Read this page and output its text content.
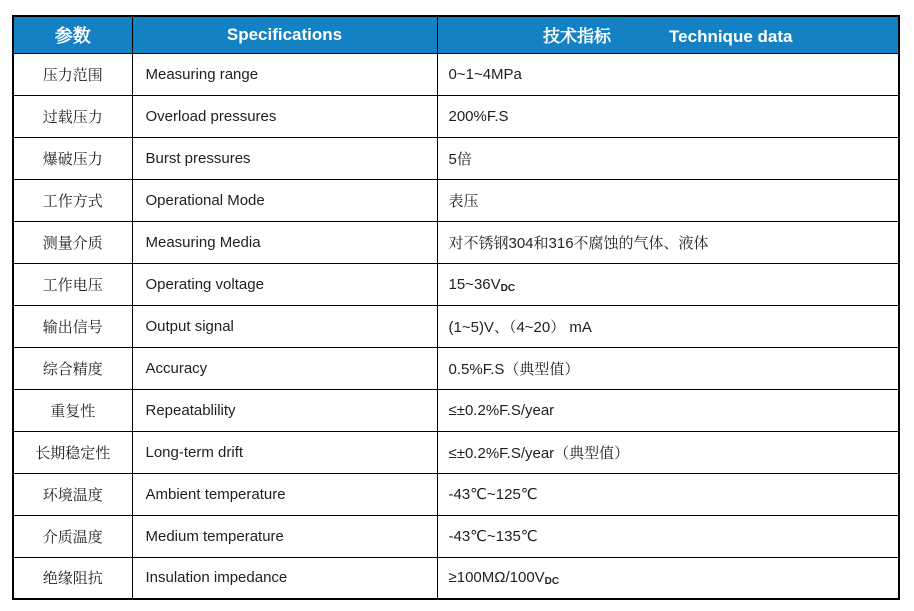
参数	Specifications	技术指标 Technique data
压力范围	Measuring range	0~1~4MPa
过载压力	Overload pressures	200%F.S
爆破压力	Burst pressures	5倍
工作方式	Operational Mode	表压
测量介质	Measuring Media	对不锈钢304和316不腐蚀的气体、液体
工作电压	Operating voltage	$15\sim 36V_{DC}$
输出信号	Output signal	(1~5)V、（4~20） mA
综合精度	Accuracy	0.5%F.S（典型值）
重复性	Repeatablility	≤±0.2%F.S/year
长期稳定性	Long-term drift	≤±0.2%F.S/year（典型值）
环境温度	Ambient temperature	-43℃~125℃
介质温度	Medium temperature	-43℃~135℃
绝缘阻抗	Insulation impedance	$\ge 100M\Omega/100V_{DC}$
